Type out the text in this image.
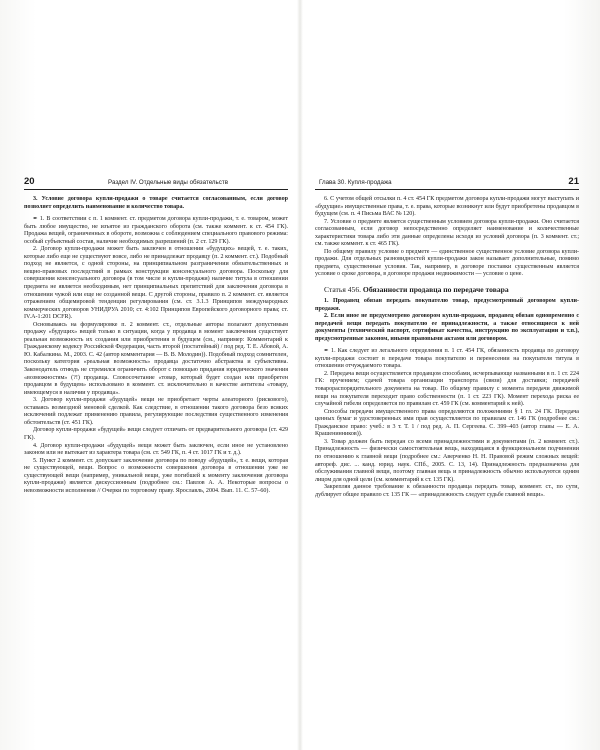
20	Раздел IV. Отдельные виды обязательств

3. Условие договора купли-продажи о товаре считается согласованным, если договор позволяет определить наименование и количество товара.

✒ 1. В соответствии с п. 1 коммент. ст. предметом договора купли-продажи, т. е. товаром, может быть любое имущество, не изъятое из гражданского оборота (см. также коммент. к ст. 454 ГК). Продажа вещей, ограниченных в обороте, возможна с соблюдением специального правового режима: особый субъектный состав, наличие необходимых разрешений (п. 2 ст. 129 ГК).

2. Договор купли-продажи может быть заключен в отношении «будущих» вещей, т. е. таких, которые либо еще не существуют вовсе, либо не принадлежат продавцу (п. 2 коммент. ст.). Подобный подход не является, с одной стороны, на принципиальном разграничении обязательственных и вещно-правовых последствий в рамках конструкции консенсуального договора. Поскольку для совершения консенсуального договора (в том числе и купли-продажи) наличие титула в отношении предмета не является необходимым, нет принципиальных препятствий для заключения договора в отношении чужой или еще не созданной вещи. С другой стороны, правило п. 2 коммент. ст. является отражением общемировой тенденции регулирования (см. ст. 3.1.3 Принципов международных коммерческих договоров УНИДРУА 2010; ст. 4:102 Принципов Европейского договорного права; ст. IV.A-1:201 DCFR).

Основываясь на формулировке п. 2 коммент. ст., отдельные авторы полагают допустимым продажу «будущих» вещей только в ситуации, когда у продавца в момент заключения существует реальная возможность их создания или приобретения в будущем (см., например: Комментарий к Гражданскому кодексу Российской Федерации, часть второй (постатейный) / под ред. Т. Е. Абовой, А. Ю. Кабалкина. М., 2003. С. 42 (автор комментария — В. В. Молодин)). Подобный подход сомнителен, поскольку категория «реальная возможность» продавца достаточно абстрактна и субъективна. Законодатель отнюдь не стремился ограничить оборот с помощью придания юридического значения «возможностям» (?!) продавца. Словосочетание «товар, который будет создан или приобретен продавцом в будущем» использовано в коммент. ст. исключительно в качестве антитезы «товару, имеющемуся в наличии у продавца».

3. Договор купли-продажи «будущей» вещи не приобретает черты алеаторного (рискового), оставаясь возмездной меновой сделкой. Как следствие, в отношении такого договора безо всяких исключений подлежат применению правила, регулирующие последствия существенного изменения обстоятельств (ст. 451 ГК).

Договор купли-продажи «будущей» вещи следует отличать от предварительного договора (ст. 429 ГК).

4. Договор купли-продажи «будущей» вещи может быть заключен, если иное не установлено законом или не вытекает из характера товара (см. ст. 549 ГК, п. 4 ст. 1017 ГК и т. д.).

5. Пункт 2 коммент. ст. допускает заключение договора по поводу «будущей», т. е. вещи, которая не существующей, вещи. Вопрос о возможности совершения договора в отношении уже не существующей вещи (например, уникальной вещи, уже погибшей к моменту заключения договора купли-продажи) является дискуссионным (подробнее см.: Павлов А. А. Некоторые вопросы о невозможности исполнения // Очерки по торговому праву. Ярославль, 2004. Вып. 11. С. 57–60).

Глава 30. Купля-продажа	21

6. С учетом общей отсылки п. 4 ст. 454 ГК предметом договора купли-продажи могут выступать и «будущие» имущественные права, т. е. права, которые возникнут или будут приобретены продавцом в будущем (см. п. 4 Письма ВАС № 120).

7. Условие о предмете является существенным условием договора купли-продажи. Оно считается согласованным, если договор непосредственно определяет наименование и количественные характеристики товара либо эти данные определены исходя из условий договора (п. 3 коммент. ст.; см. также коммент. к ст. 465 ГК).

По общему правилу условие о предмете — единственное существенное условие договора купли-продажи. Для отдельных разновидностей купли-продажи закон называет дополнительные, помимо предмета, существенные условия. Так, например, в договоре поставки существенным является условие о сроке договора, в договоре продажи недвижимости — условие о цене.

Статья 456. Обязанности продавца по передаче товара

1. Продавец обязан передать покупателю товар, предусмотренный договором купли-продажи.

2. Если иное не предусмотрено договором купли-продажи, продавец обязан одновременно с передачей вещи передать покупателю ее принадлежности, а также относящиеся к ней документы (технический паспорт, сертификат качества, инструкцию по эксплуатации и т.п.), предусмотренные законом, иными правовыми актами или договором.

✒ 1. Как следует из легального определения п. 1 ст. 454 ГК, обязанность продавца по договору купли-продажи состоит в передаче товара покупателю и перенесении на покупателя титула в отношении отчуждаемого товара.

2. Передача вещи осуществляется продавцом способами, исчерпывающе названными в п. 1 ст. 224 ГК: вручением; сдачей товара организации транспорта (связи) для доставки; передачей товарораспорядительного документа на товар. По общему правилу с момента передачи движимой вещи на покупателя переходит право собственности (п. 1 ст. 223 ГК). Момент перехода риска ее случайной гибели определяется по правилам ст. 459 ГК (см. комментарий к ней).

Способы передачи имущественного права определяются положениями § 1 гл. 24 ГК. Передача ценных бумаг и удостоверенных ими прав осуществляется по правилам ст. 146 ГК (подробнее см.: Гражданское право: учеб.: в 3 т. Т. 1 / под ред. А. П. Сергеева. С. 399–403 (автор главы — Е. А. Крашенинников)).

3. Товар должен быть передан со всеми принадлежностями и документами (п. 2 коммент. ст.). Принадлежность — физически самостоятельная вещь, находящаяся в функциональном подчинении по отношению к главной вещи (подробнее см.: Аверченко Н. Н. Правовой режим сложных вещей: автореф. дис. ... канд. юрид. наук. СПб., 2005. С. 13, 14). Принадлежность предназначена для обслуживания главной вещи, поэтому главная вещь и принадлежность обычно используются одним лицом для одной цели (см. комментарий к ст. 135 ГК).

Закрепляя данное требование к обязанности продавца передать товар, коммент. ст., по сути, дублирует общее правило ст. 135 ГК — «принадлежность следует судьбе главной вещи».
